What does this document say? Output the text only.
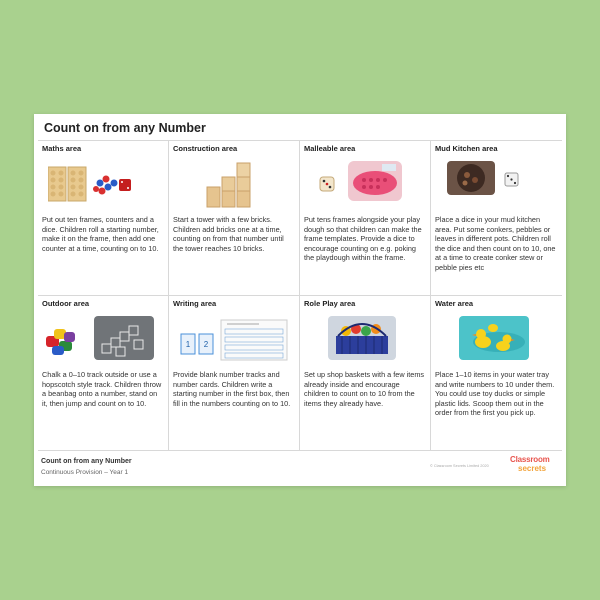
Count on from any Number
Maths area
Put out ten frames, counters and a dice. Children roll a starting number, make it on the frame, then add one counter at a time, counting on to 10.
Construction area
Start a tower with a few bricks. Children add bricks one at a time, counting on from that number until the tower reaches 10 bricks.
Malleable area
Put tens frames alongside your play dough so that children can make the frame templates. Provide a dice to encourage counting on e.g. poking the playdough within the frame.
Mud Kitchen area
Place a dice in your mud kitchen area. Put some conkers, pebbles or leaves in different pots. Children roll the dice and then count on to 10, one at a time to create conker stew or pebble pies etc
Outdoor area
Chalk a 0–10 track outside or use a hopscotch style track. Children throw a beanbag onto a number, stand on it, then jump and count on to 10.
Writing area
1 2
Provide blank number tracks and number cards. Children write a starting number in the first box, then fill in the numbers counting on to 10.
Role Play area
Set up shop baskets with a few items already inside and encourage children to count on to 10 from the items they already have.
Water area
Place 1–10 items in your water tray and write numbers to 10 under them. You could use toy ducks or simple plastic lids. Scoop them out in the order from the first you pick up.
Count on from any Number
Continuous Provision – Year 1
© Classroom Secrets Limited 2020
Classroom
secrets
